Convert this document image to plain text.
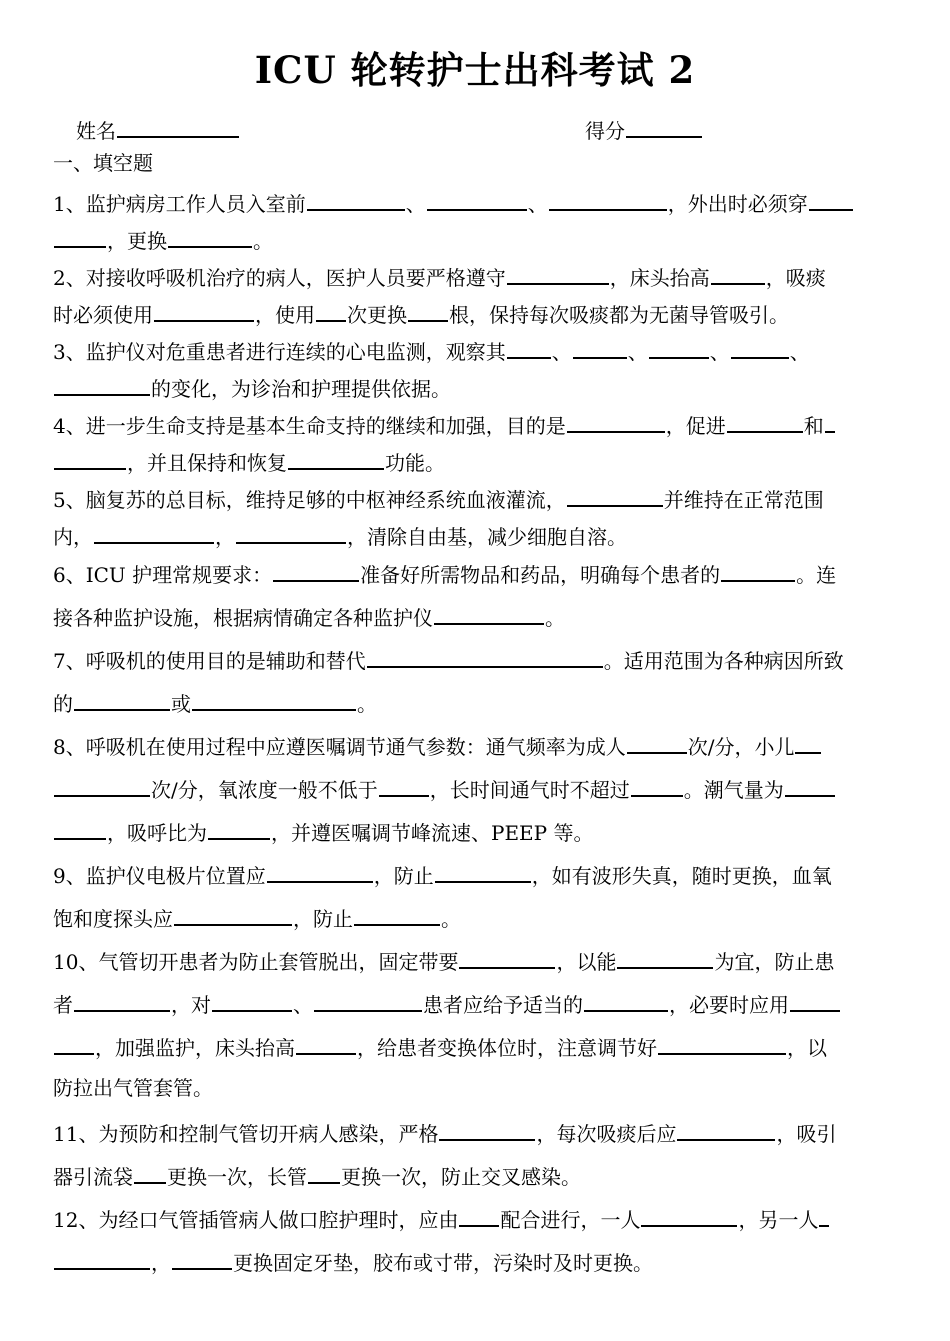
ICU 轮转护士出科考试 2
姓名	得分
一、填空题
1、监护病房工作人员入室前	、	、	，外出时必须穿
，更换	。
2、对接收呼吸机治疗的病人，医护人员要严格遵守	，床头抬高	，吸痰
时必须使用	，使用 次更换 根，保持每次吸痰都为无菌导管吸引。
3、监护仪对危重患者进行连续的心电监测，观察其 、	、	、	、
的变化，为诊治和护理提供依据。
4、进一步生命支持是基本生命支持的继续和加强，目的是	，促进	和
，并且保持和恢复	功能。
5、脑复苏的总目标，维持足够的中枢神经系统血液灌流，	并维持在正常范围
内，	，	，清除自由基，减少细胞自溶。
6、ICU 护理常规要求：	准备好所需物品和药品，明确每个患者的	。连
接各种监护设施，根据病情确定各种监护仪	。
7、呼吸机的使用目的是辅助和替代	。适用范围为各种病因所致
的	或	。
8、呼吸机在使用过程中应遵医嘱调节通气参数：通气频率为成人	次/分，小儿
次/分，氧浓度一般不低于	，长时间通气时不超过	。潮气量为
，吸呼比为	，并遵医嘱调节峰流速、PEEP 等。
9、监护仪电极片位置应	，防止	，如有波形失真，随时更换，血氧
饱和度探头应	，防止	。
10、气管切开患者为防止套管脱出，固定带要	，以能	为宜，防止患
者	，对	、	患者应给予适当的	，必要时应用
，加强监护，床头抬高	，给患者变换体位时，注意调节好	，以
防拉出气管套管。
11、为预防和控制气管切开病人感染，严格	，每次吸痰后应	，吸引
器引流袋 更换一次，长管 更换一次，防止交叉感染。
12、为经口气管插管病人做口腔护理时，应由 配合进行，一人	，另一人
，	更换固定牙垫，胶布或寸带，污染时及时更换。
